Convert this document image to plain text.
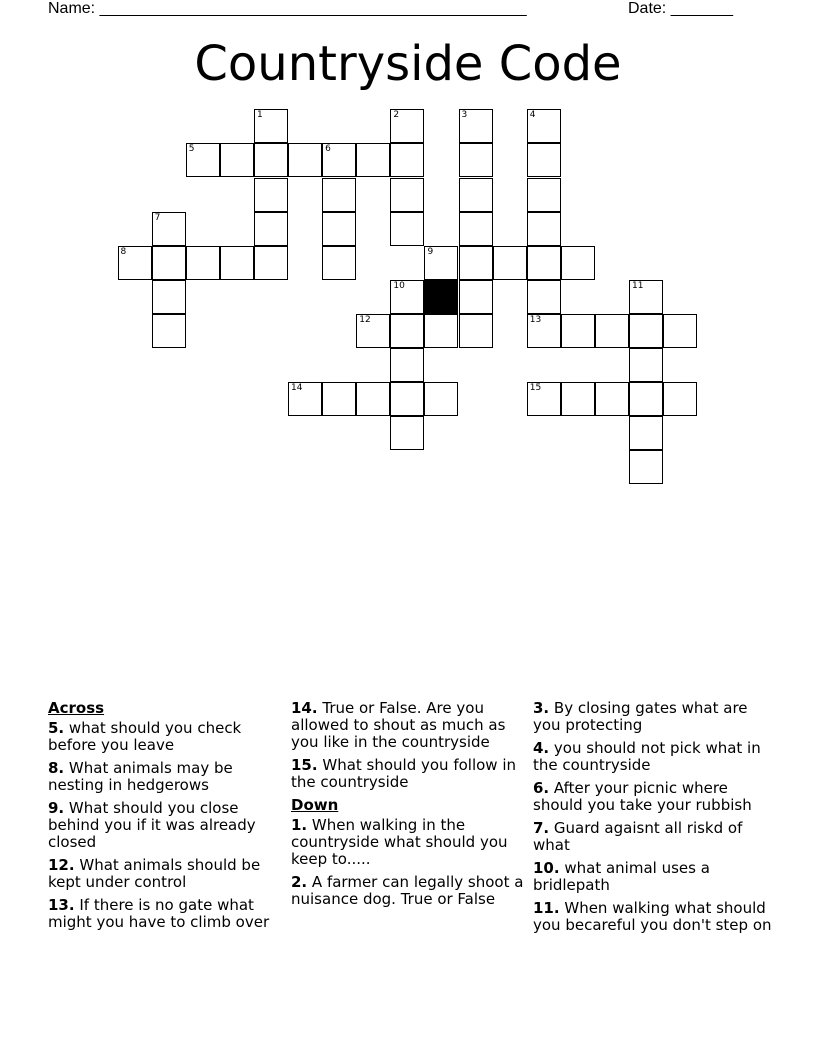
Name: ________________________________________________	Date: _______
Countryside Code
1	2	3	4
5	6
7
8	9
10	11
12	13
14	15
Across
5. what should you check before you leave
8. What animals may be nesting in hedgerows
9. What should you close behind you if it was already closed
12. What animals should be kept under control
13. If there is no gate what might you have to climb over
14. True or False. Are you allowed to shout as much as you like in the countryside
15. What should you follow in the countryside
Down
1. When walking in the countryside what should you keep to.....
2. A farmer can legally shoot a nuisance dog. True or False
3. By closing gates what are you protecting
4. you should not pick what in the countryside
6. After your picnic where should you take your rubbish
7. Guard agaisnt all riskd of what
10. what animal uses a bridlepath
11. When walking what should you becareful you don't step on
